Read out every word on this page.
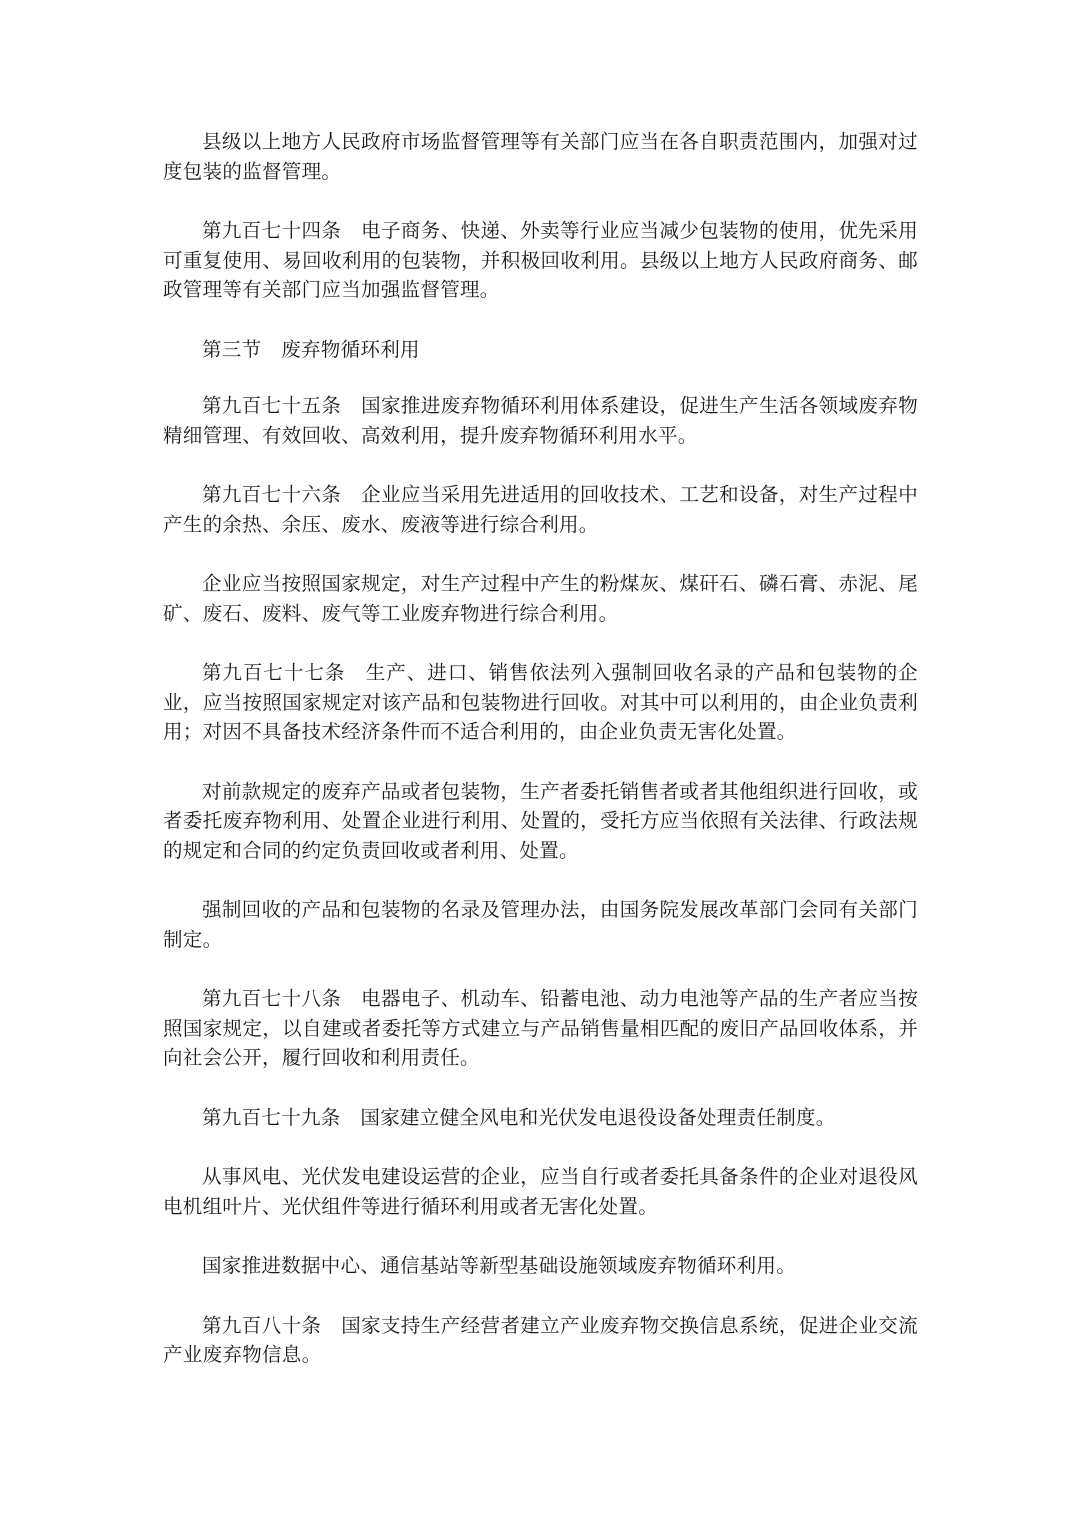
县级以上地方人民政府市场监督管理等有关部门应当在各自职责范围内，加强对过度包装的监督管理。

第九百七十四条　电子商务、快递、外卖等行业应当减少包装物的使用，优先采用可重复使用、易回收利用的包装物，并积极回收利用。县级以上地方人民政府商务、邮政管理等有关部门应当加强监督管理。

第三节　废弃物循环利用

第九百七十五条　国家推进废弃物循环利用体系建设，促进生产生活各领域废弃物精细管理、有效回收、高效利用，提升废弃物循环利用水平。

第九百七十六条　企业应当采用先进适用的回收技术、工艺和设备，对生产过程中产生的余热、余压、废水、废液等进行综合利用。

企业应当按照国家规定，对生产过程中产生的粉煤灰、煤矸石、磷石膏、赤泥、尾矿、废石、废料、废气等工业废弃物进行综合利用。

第九百七十七条　生产、进口、销售依法列入强制回收名录的产品和包装物的企业，应当按照国家规定对该产品和包装物进行回收。对其中可以利用的，由企业负责利用；对因不具备技术经济条件而不适合利用的，由企业负责无害化处置。

对前款规定的废弃产品或者包装物，生产者委托销售者或者其他组织进行回收，或者委托废弃物利用、处置企业进行利用、处置的，受托方应当依照有关法律、行政法规的规定和合同的约定负责回收或者利用、处置。

强制回收的产品和包装物的名录及管理办法，由国务院发展改革部门会同有关部门制定。

第九百七十八条　电器电子、机动车、铅蓄电池、动力电池等产品的生产者应当按照国家规定，以自建或者委托等方式建立与产品销售量相匹配的废旧产品回收体系，并向社会公开，履行回收和利用责任。

第九百七十九条　国家建立健全风电和光伏发电退役设备处理责任制度。

从事风电、光伏发电建设运营的企业，应当自行或者委托具备条件的企业对退役风电机组叶片、光伏组件等进行循环利用或者无害化处置。

国家推进数据中心、通信基站等新型基础设施领域废弃物循环利用。

第九百八十条　国家支持生产经营者建立产业废弃物交换信息系统，促进企业交流产业废弃物信息。
